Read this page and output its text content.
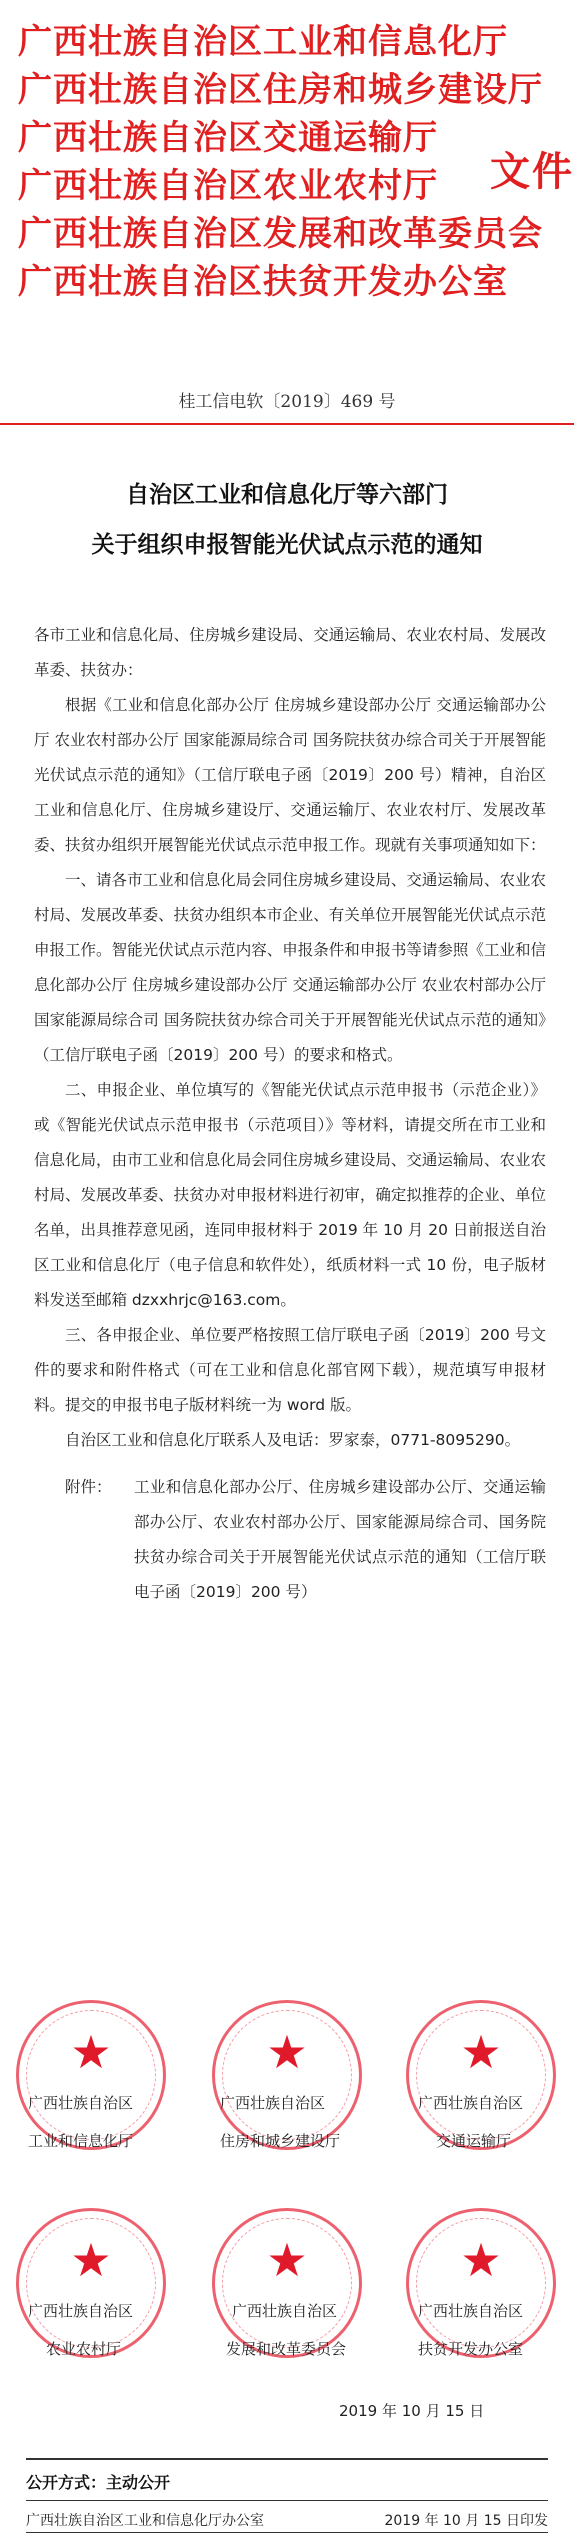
广西壮族自治区工业和信息化厅
广西壮族自治区住房和城乡建设厅
广西壮族自治区交通运输厅
广西壮族自治区农业农村厅
广西壮族自治区发展和改革委员会
广西壮族自治区扶贫开发办公室
文件
桂工信电软〔2019〕469 号
自治区工业和信息化厅等六部门
关于组织申报智能光伏试点示范的通知

各市工业和信息化局、住房城乡建设局、交通运输局、农业农村局、发展改革委、扶贫办：

根据《工业和信息化部办公厅 住房城乡建设部办公厅 交通运输部办公厅 农业农村部办公厅 国家能源局综合司 国务院扶贫办综合司关于开展智能光伏试点示范的通知》（工信厅联电子函〔2019〕200 号）精神，自治区工业和信息化厅、住房城乡建设厅、交通运输厅、农业农村厅、发展改革委、扶贫办组织开展智能光伏试点示范申报工作。现就有关事项通知如下：

一、请各市工业和信息化局会同住房城乡建设局、交通运输局、农业农村局、发展改革委、扶贫办组织本市企业、有关单位开展智能光伏试点示范申报工作。智能光伏试点示范内容、申报条件和申报书等请参照《工业和信息化部办公厅 住房城乡建设部办公厅 交通运输部办公厅 农业农村部办公厅 国家能源局综合司 国务院扶贫办综合司关于开展智能光伏试点示范的通知》（工信厅联电子函〔2019〕200 号）的要求和格式。

二、申报企业、单位填写的《智能光伏试点示范申报书（示范企业）》或《智能光伏试点示范申报书（示范项目）》等材料，请提交所在市工业和信息化局，由市工业和信息化局会同住房城乡建设局、交通运输局、农业农村局、发展改革委、扶贫办对申报材料进行初审，确定拟推荐的企业、单位名单，出具推荐意见函，连同申报材料于 2019 年 10 月 20 日前报送自治区工业和信息化厅（电子信息和软件处），纸质材料一式 10 份，电子版材料发送至邮箱 dzxxhrjc@163.com。

三、各申报企业、单位要严格按照工信厅联电子函〔2019〕200 号文件的要求和附件格式（可在工业和信息化部官网下载），规范填写申报材料。提交的申报书电子版材料统一为 word 版。

自治区工业和信息化厅联系人及电话：罗家泰，0771-8095290。

附件：	工业和信息化部办公厅、住房城乡建设部办公厅、交通运输部办公厅、农业农村部办公厅、国家能源局综合司、国务院扶贫办综合司关于开展智能光伏试点示范的通知（工信厅联电子函〔2019〕200 号）

★	★	★
★	★	★
广西壮族自治区
工业和信息化厅
广西壮族自治区
住房和城乡建设厅
广西壮族自治区
交通运输厅
广西壮族自治区
农业农村厅
广西壮族自治区
发展和改革委员会
广西壮族自治区
扶贫开发办公室
2019 年 10 月 15 日
公开方式：主动公开
广西壮族自治区工业和信息化厅办公室	2019 年 10 月 15 日印发
